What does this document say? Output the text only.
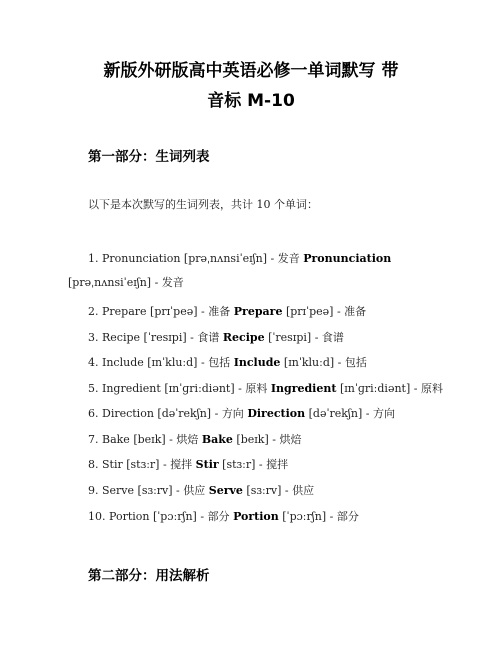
新版外研版高中英语必修一单词默写 带
音标 M-10
第一部分：生词列表
以下是本次默写的生词列表，共计 10 个单词：
1. Pronunciation [prəˌnʌnsiˈeɪʃn] - 发音 Pronunciation
[prəˌnʌnsiˈeɪʃn] - 发音
2. Prepare [prɪˈpeə] - 准备 Prepare [prɪˈpeə] - 准备
3. Recipe [ˈresɪpi] - 食谱 Recipe [ˈresɪpi] - 食谱
4. Include [ɪnˈkluːd] - 包括 Include [ɪnˈkluːd] - 包括
5. Ingredient [ɪnˈɡriːdiənt] - 原料 Ingredient [ɪnˈɡriːdiənt] - 原料
6. Direction [dəˈrekʃn] - 方向 Direction [dəˈrekʃn] - 方向
7. Bake [beɪk] - 烘焙 Bake [beɪk] - 烘焙
8. Stir [stɜːr] - 搅拌 Stir [stɜːr] - 搅拌
9. Serve [sɜːrv] - 供应 Serve [sɜːrv] - 供应
10. Portion [ˈpɔːrʃn] - 部分 Portion [ˈpɔːrʃn] - 部分
第二部分：用法解析
